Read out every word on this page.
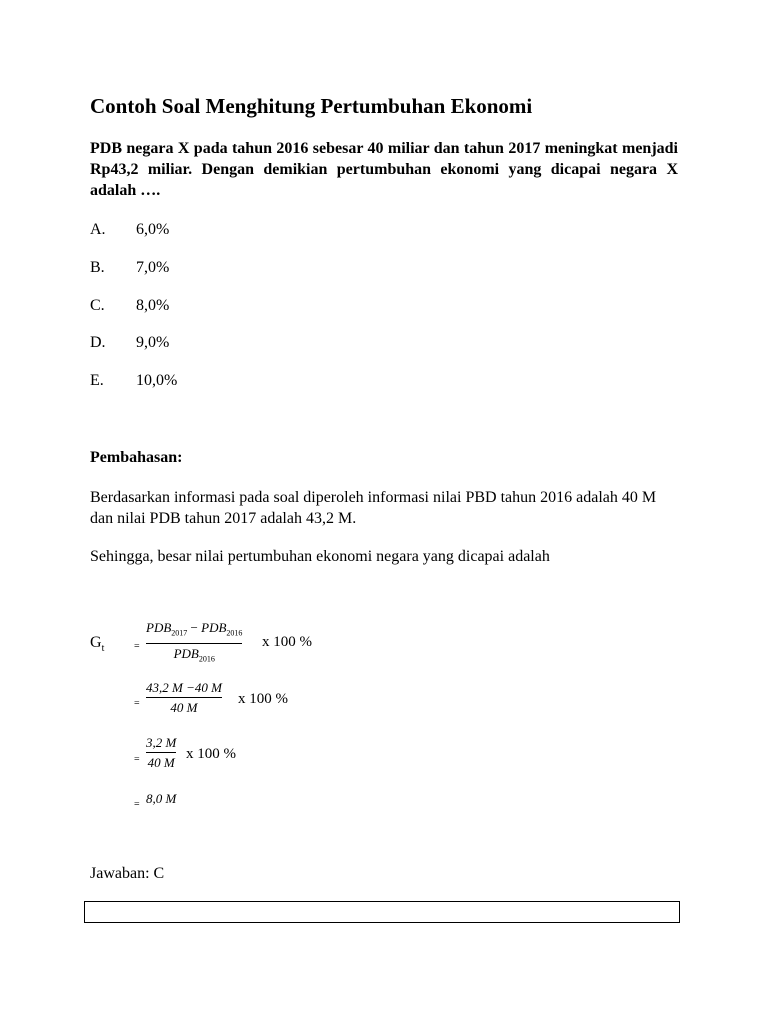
Contoh Soal Menghitung Pertumbuhan Ekonomi

PDB negara X pada tahun 2016 sebesar 40 miliar dan tahun 2017 meningkat menjadi Rp43,2 miliar. Dengan demikian pertumbuhan ekonomi yang dicapai negara X adalah ….

A. 6,0%
B. 7,0%
C. 8,0%
D. 9,0%
E. 10,0%
Pembahasan:

Berdasarkan informasi pada soal diperoleh informasi nilai PBD tahun 2016 adalah 40 M dan nilai PDB tahun 2017 adalah 43,2 M.

Sehingga, besar nilai pertumbuhan ekonomi negara yang dicapai adalah

$G_t$	=
$PDB_{2017} - PDB_{2016}$
$PDB_{2016}$
x 100 %
=
43,2 M −40 M
40 M
x 100 %
=
3,2 M
40 M
x 100 %
= 8,0 M
Jawaban: C
